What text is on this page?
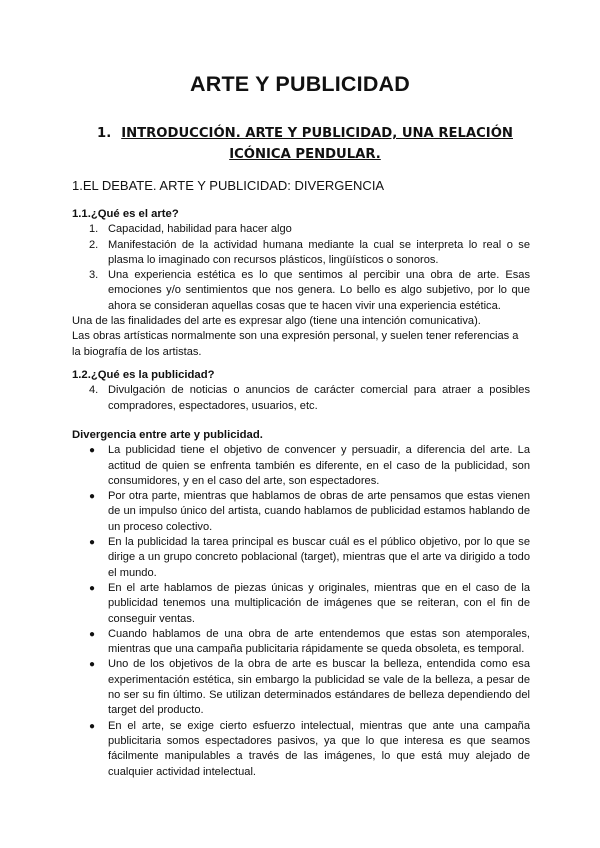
ARTE Y PUBLICIDAD
1. INTRODUCCIÓN. ARTE Y PUBLICIDAD, UNA RELACIÓN
ICÓNICA PENDULAR.
1.EL DEBATE. ARTE Y PUBLICIDAD: DIVERGENCIA

1.1.¿Qué es el arte?

1. Capacidad, habilidad para hacer algo
2. Manifestación de la actividad humana mediante la cual se interpreta lo real o se plasma lo imaginado con recursos plásticos, lingüísticos o sonoros.
3. Una experiencia estética es lo que sentimos al percibir una obra de arte. Esas emociones y/o sentimientos que nos genera. Lo bello es algo subjetivo, por lo que ahora se consideran aquellas cosas que te hacen vivir una experiencia estética.

Una de las finalidades del arte es expresar algo (tiene una intención comunicativa).

Las obras artísticas normalmente son una expresión personal, y suelen tener referencias a la biografía de los artistas.

1.2.¿Qué es la publicidad?

4. Divulgación de noticias o anuncios de carácter comercial para atraer a posibles compradores, espectadores, usuarios, etc.

Divergencia entre arte y publicidad.

● La publicidad tiene el objetivo de convencer y persuadir, a diferencia del arte. La actitud de quien se enfrenta también es diferente, en el caso de la publicidad, son consumidores, y en el caso del arte, son espectadores.
● Por otra parte, mientras que hablamos de obras de arte pensamos que estas vienen de un impulso único del artista, cuando hablamos de publicidad estamos hablando de un proceso colectivo.
● En la publicidad la tarea principal es buscar cuál es el público objetivo, por lo que se dirige a un grupo concreto poblacional (target), mientras que el arte va dirigido a todo el mundo.
● En el arte hablamos de piezas únicas y originales, mientras que en el caso de la publicidad tenemos una multiplicación de imágenes que se reiteran, con el fin de conseguir ventas.
● Cuando hablamos de una obra de arte entendemos que estas son atemporales, mientras que una campaña publicitaria rápidamente se queda obsoleta, es temporal.
● Uno de los objetivos de la obra de arte es buscar la belleza, entendida como esa experimentación estética, sin embargo la publicidad se vale de la belleza, a pesar de no ser su fin último. Se utilizan determinados estándares de belleza dependiendo del target del producto.
● En el arte, se exige cierto esfuerzo intelectual, mientras que ante una campaña publicitaria somos espectadores pasivos, ya que lo que interesa es que seamos fácilmente manipulables a través de las imágenes, lo que está muy alejado de cualquier actividad intelectual.
